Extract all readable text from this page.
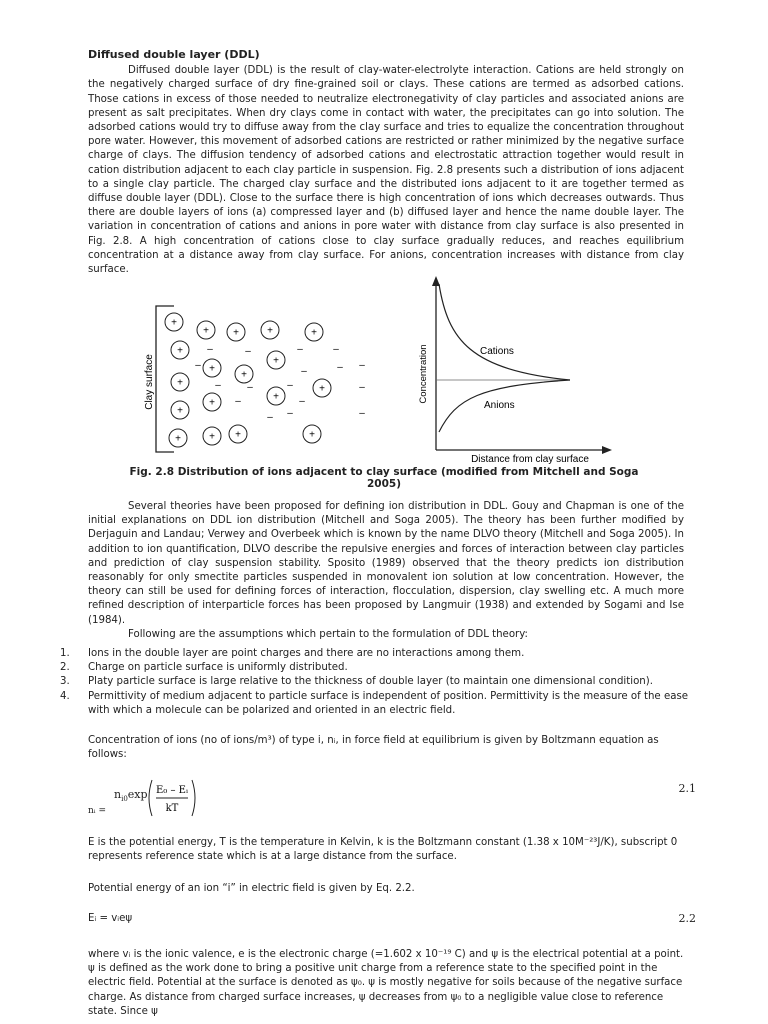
Diffused double layer (DDL)

Diffused double layer (DDL) is the result of clay-water-electrolyte interaction. Cations are held strongly on the negatively charged surface of dry fine-grained soil or clays. These cations are termed as adsorbed cations. Those cations in excess of those needed to neutralize electronegativity of clay particles and associated anions are present as salt precipitates. When dry clays come in contact with water, the precipitates can go into solution. The adsorbed cations would try to diffuse away from the clay surface and tries to equalize the concentration throughout pore water. However, this movement of adsorbed cations are restricted or rather minimized by the negative surface charge of clays. The diffusion tendency of adsorbed cations and electrostatic attraction together would result in cation distribution adjacent to each clay particle in suspension. Fig. 2.8 presents such a distribution of ions adjacent to a single clay particle. The charged clay surface and the distributed ions adjacent to it are together termed as diffuse double layer (DDL). Close to the surface there is high concentration of ions which decreases outwards. Thus there are double layers of ions (a) compressed layer and (b) diffused layer and hence the name double layer. The variation in concentration of cations and anions in pore water with distance from clay surface is also presented in Fig. 2.8. A high concentration of cations close to clay surface gradually reduces, and reaches equilibrium concentration at a distance away from clay surface. For anions, concentration increases with distance from clay surface.

Clay surface
+
+ +	+	+
+
+
+
+
+
+
+
+
+
+	+ +	+
–	–	–	–
–	–
–
–
–	–	–	–
–	–
–
– –
Concentration	Cations
Anions
Distance from clay surface
Fig. 2.8 Distribution of ions adjacent to clay surface (modified from Mitchell and Soga 2005)

Several theories have been proposed for defining ion distribution in DDL. Gouy and Chapman is one of the initial explanations on DDL ion distribution (Mitchell and Soga 2005). The theory has been further modified by Derjaguin and Landau; Verwey and Overbeek which is known by the name DLVO theory (Mitchell and Soga 2005). In addition to ion quantification, DLVO describe the repulsive energies and forces of interaction between clay particles and prediction of clay suspension stability. Sposito (1989) observed that the theory predicts ion distribution reasonably for only smectite particles suspended in monovalent ion solution at low concentration. However, the theory can still be used for defining forces of interaction, flocculation, dispersion, clay swelling etc. A much more refined description of interparticle forces has been proposed by Langmuir (1938) and extended by Sogami and Ise (1984).

Following are the assumptions which pertain to the formulation of DDL theory:

1.	Ions in the double layer are point charges and there are no interactions among them.
2.	Charge on particle surface is uniformly distributed.
3.	Platy particle surface is large relative to the thickness of double layer (to maintain one dimensional condition).
4.	Permittivity of medium adjacent to particle surface is independent of position. Permittivity is the measure of the ease with which a molecule can be polarized and oriented in an electric field.
Concentration of ions (no of ions/m³) of type i, nᵢ, in force field at equilibrium is given by Boltzmann equation as follows:
nᵢ =
$n_{i0}\exp$ E₀ – Eᵢ
kT
2.1
E is the potential energy, T is the temperature in Kelvin, k is the Boltzmann constant (1.38 x 10M⁻²³J/K), subscript 0 represents reference state which is at a large distance from the surface.
Potential energy of an ion “i” in electric field is given by Eq. 2.2.
Eᵢ = vᵢeψ	2.2
where vᵢ is the ionic valence, e is the electronic charge (=1.602 x 10⁻¹⁹ C) and ψ is the electrical potential at a point. ψ is defined as the work done to bring a positive unit charge from a reference state to the specified point in the electric field. Potential at the surface is denoted as ψ₀. ψ is mostly negative for soils because of the negative surface charge. As distance from charged surface increases, ψ decreases from ψ₀ to a negligible value close to reference state. Since ψ
